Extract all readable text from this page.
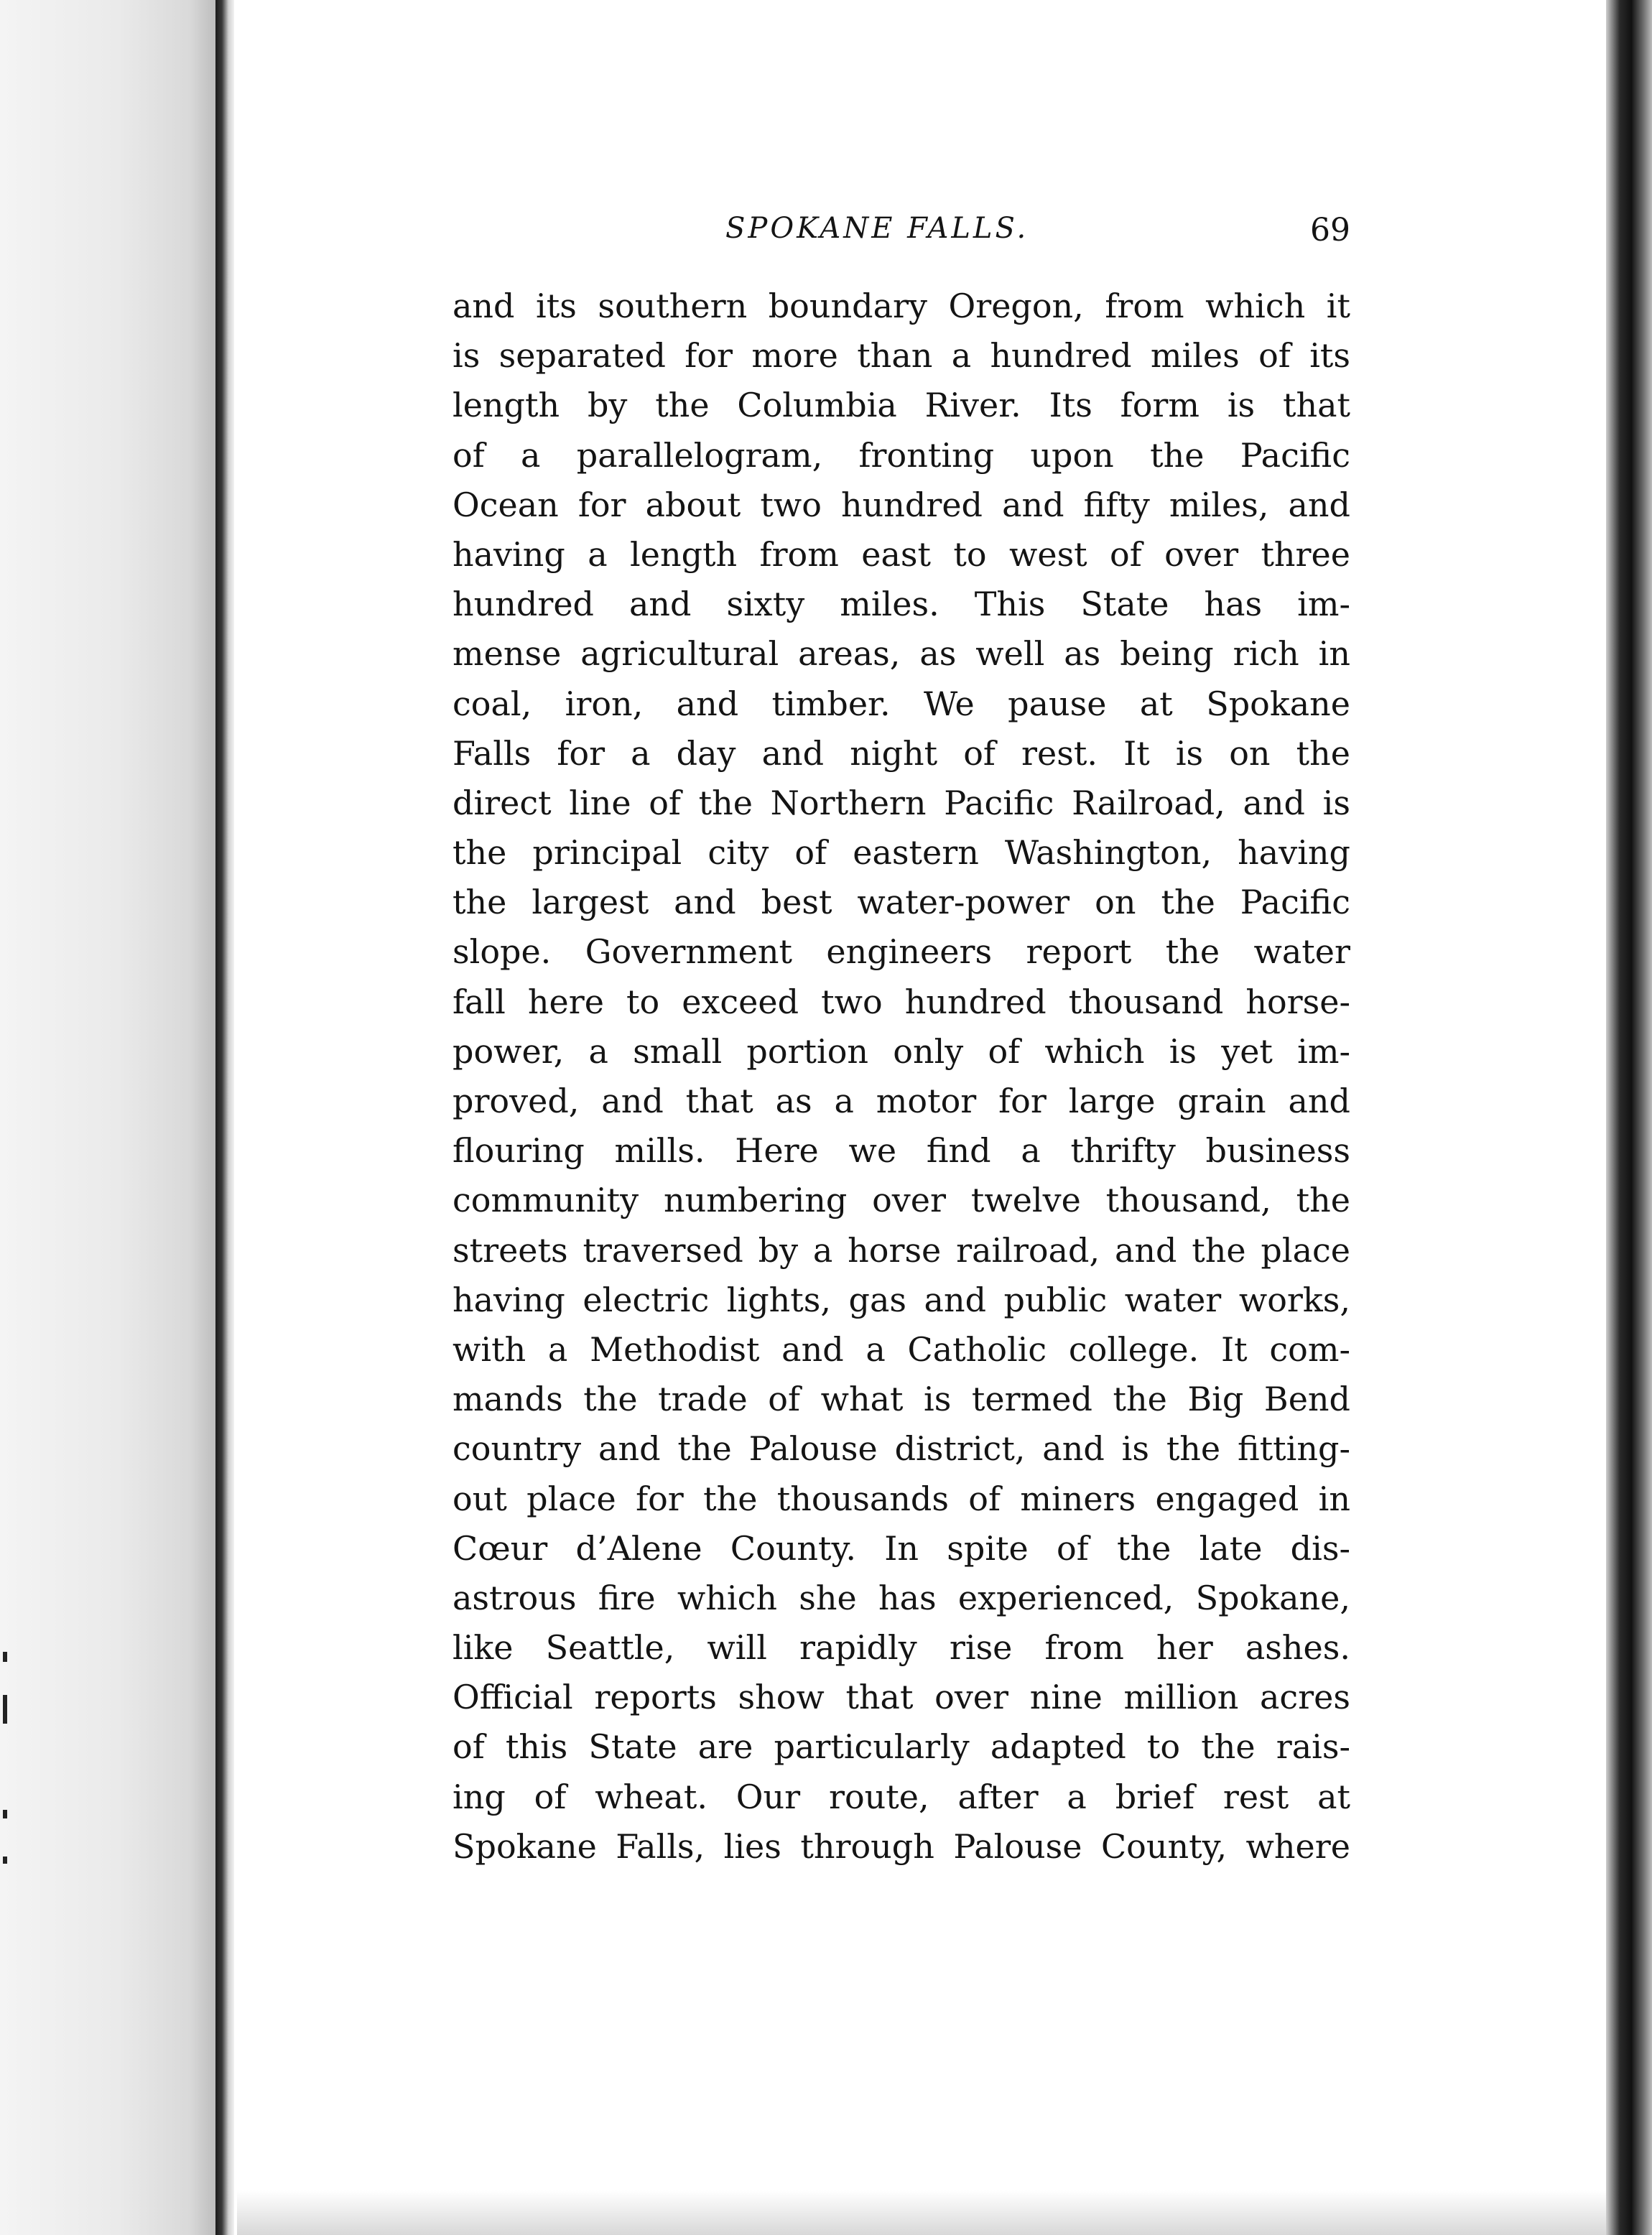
SPOKANE FALLS.	69
and its southern boundary Oregon, from which it
is separated for more than a hundred miles of its
length by the Columbia River. Its form is that
of a parallelogram, fronting upon the Pacific
Ocean for about two hundred and fifty miles, and
having a length from east to west of over three
hundred and sixty miles. This State has im-
mense agricultural areas, as well as being rich in
coal, iron, and timber. We pause at Spokane
Falls for a day and night of rest. It is on the
direct line of the Northern Pacific Railroad, and is
the principal city of eastern Washington, having
the largest and best water-power on the Pacific
slope. Government engineers report the water
fall here to exceed two hundred thousand horse-
power, a small portion only of which is yet im-
proved, and that as a motor for large grain and
flouring mills. Here we find a thrifty business
community numbering over twelve thousand, the
streets traversed by a horse railroad, and the place
having electric lights, gas and public water works,
with a Methodist and a Catholic college. It com-
mands the trade of what is termed the Big Bend
country and the Palouse district, and is the fitting-
out place for the thousands of miners engaged in
Cœur d’Alene County. In spite of the late dis-
astrous fire which she has experienced, Spokane,
like Seattle, will rapidly rise from her ashes.
Official reports show that over nine million acres
of this State are particularly adapted to the rais-
ing of wheat. Our route, after a brief rest at
Spokane Falls, lies through Palouse County, where
